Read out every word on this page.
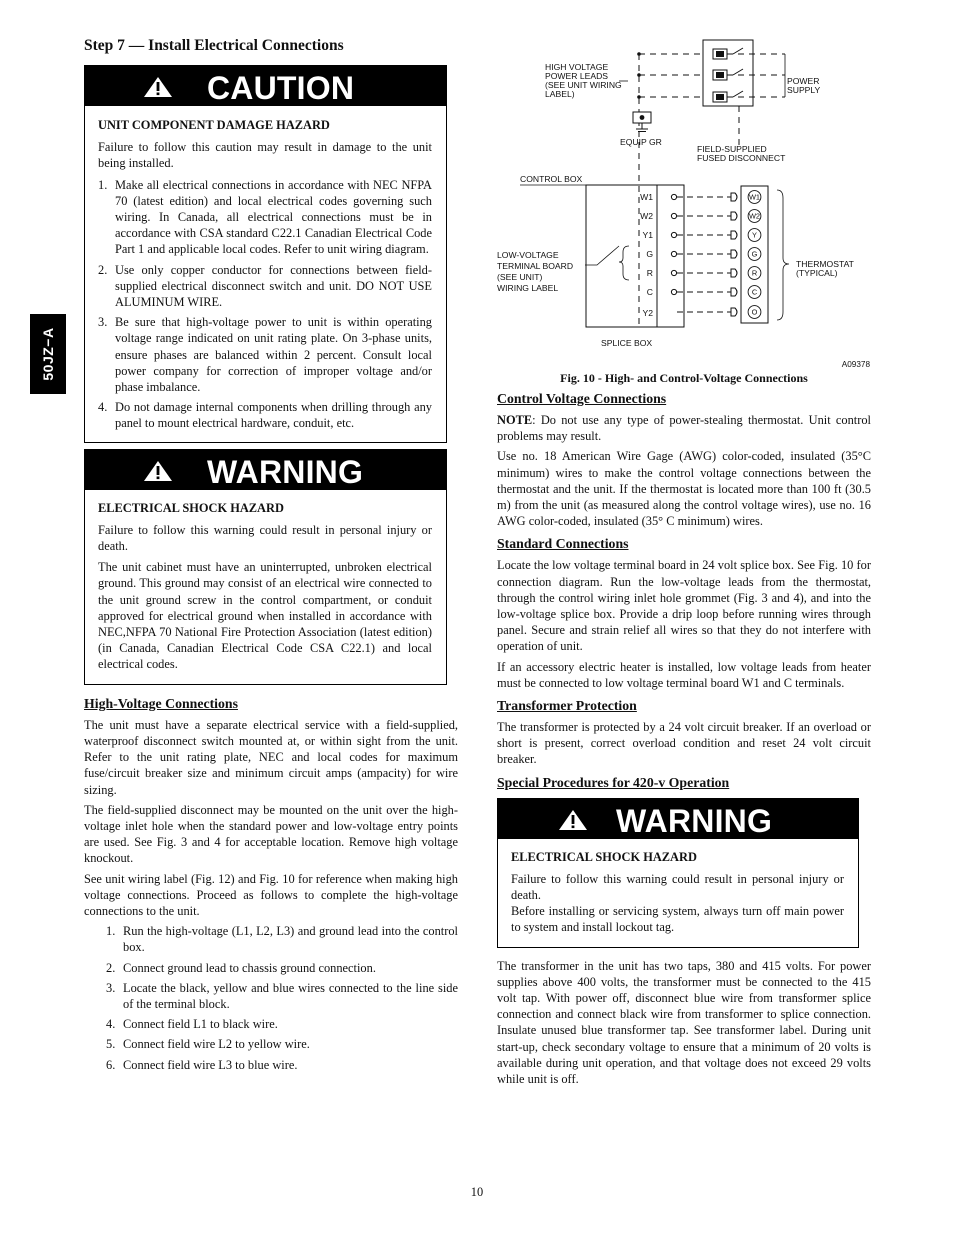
50JZ−A
Step 7 — Install Electrical Connections
CAUTION
UNIT COMPONENT DAMAGE HAZARD

Failure to follow this caution may result in damage to the unit being installed.

1. Make all electrical connections in accordance with NEC NFPA 70 (latest edition) and local electrical codes governing such wiring. In Canada, all electrical connections must be in accordance with CSA standard C22.1 Canadian Electrical Code Part 1 and applicable local codes. Refer to unit wiring diagram.
2. Use only copper conductor for connections between field-supplied electrical disconnect switch and unit. DO NOT USE ALUMINUM WIRE.
3. Be sure that high-voltage power to unit is within operating voltage range indicated on unit rating plate. On 3-phase units, ensure phases are balanced within 2 percent. Consult local power company for correction of improper voltage and/or phase imbalance.
4. Do not damage internal components when drilling through any panel to mount electrical hardware, conduit, etc.
WARNING
ELECTRICAL SHOCK HAZARD

Failure to follow this warning could result in personal injury or death.

The unit cabinet must have an uninterrupted, unbroken electrical ground. This ground may consist of an electrical wire connected to the unit ground screw in the control compartment, or conduit approved for electrical ground when installed in accordance with NEC,NFPA 70 National Fire Protection Association (latest edition) (in Canada, Canadian Electrical Code CSA C22.1) and local electrical codes.

High-Voltage Connections

The unit must have a separate electrical service with a field-supplied, waterproof disconnect switch mounted at, or within sight from the unit. Refer to the unit rating plate, NEC and local codes for maximum fuse/circuit breaker size and minimum circuit amps (ampacity) for wire sizing.

The field-supplied disconnect may be mounted on the unit over the high-voltage inlet hole when the standard power and low-voltage entry points are used. See Fig. 3 and 4 for acceptable location. Remove high voltage knockout.

See unit wiring label (Fig. 12) and Fig. 10 for reference when making high voltage connections. Proceed as follows to complete the high-voltage connections to the unit.

1. Run the high-voltage (L1, L2, L3) and ground lead into the control box.
2. Connect ground lead to chassis ground connection.
3. Locate the black, yellow and blue wires connected to the line side of the terminal block.
4. Connect field L1 to black wire.
5. Connect field wire L2 to yellow wire.
6. Connect field wire L3 to blue wire.
HIGH VOLTAGE
POWER LEADS
(SEE UNIT WIRING
LABEL)
POWER
SUPPLY
EQUIP GR
FIELD-SUPPLIED
FUSED DISCONNECT
CONTROL BOX
LOW-VOLTAGE
TERMINAL BOARD
(SEE UNIT)
WIRING LABEL
W1
W2
Y1
G
R
C
Y2
W1
W2
Y
G
R
C
O
THERMOSTAT
(TYPICAL)
SPLICE BOX
A09378
Fig. 10 - High- and Control-Voltage Connections
Control Voltage Connections

NOTE: Do not use any type of power-stealing thermostat. Unit control problems may result.

Use no. 18 American Wire Gage (AWG) color-coded, insulated (35°C minimum) wires to make the control voltage connections between the thermostat and the unit. If the thermostat is located more than 100 ft (30.5 m) from the unit (as measured along the control voltage wires), use no. 16 AWG color-coded, insulated (35° C minimum) wires.

Standard Connections

Locate the low voltage terminal board in 24 volt splice box. See Fig. 10 for connection diagram. Run the low-voltage leads from the thermostat, through the control wiring inlet hole grommet (Fig. 3 and 4), and into the low-voltage splice box. Provide a drip loop before running wires through panel. Secure and strain relief all wires so that they do not interfere with operation of unit.

If an accessory electric heater is installed, low voltage leads from heater must be connected to low voltage terminal board W1 and C terminals.

Transformer Protection

The transformer is protected by a 24 volt circuit breaker. If an overload or short is present, correct overload condition and reset 24 volt circuit breaker.

Special Procedures for 420-v Operation
WARNING
ELECTRICAL SHOCK HAZARD

Failure to follow this warning could result in personal injury or death.

Before installing or servicing system, always turn off main power to system and install lockout tag.

The transformer in the unit has two taps, 380 and 415 volts. For power supplies above 400 volts, the transformer must be connected to the 415 volt tap. With power off, disconnect blue wire from transformer splice connection and connect black wire from transformer to splice connection. Insulate unused blue transformer tap. See transformer label. During unit start-up, check secondary voltage to ensure that a minimum of 20 volts is available during unit operation, and that voltage does not exceed 29 volts while unit is off.

10
